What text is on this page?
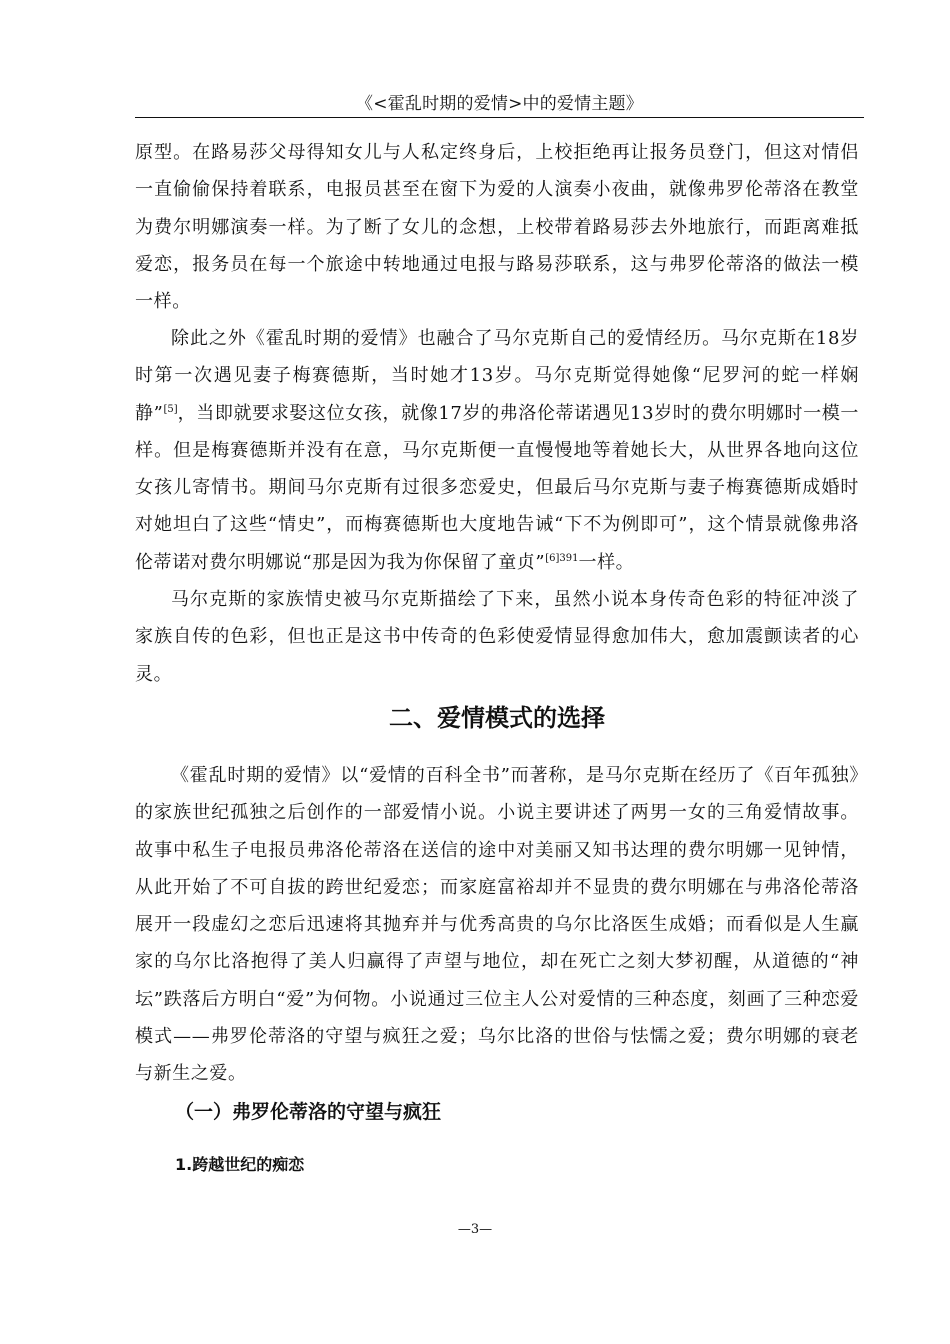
《<霍乱时期的爱情>中的爱情主题》

原型。在路易莎父母得知女儿与人私定终身后，上校拒绝再让报务员登门，但这对情侣一直偷偷保持着联系，电报员甚至在窗下为爱的人演奏小夜曲，就像弗罗伦蒂洛在教堂为费尔明娜演奏一样。为了断了女儿的念想，上校带着路易莎去外地旅行，而距离难抵爱恋，报务员在每一个旅途中转地通过电报与路易莎联系，这与弗罗伦蒂洛的做法一模一样。

除此之外《霍乱时期的爱情》也融合了马尔克斯自己的爱情经历。马尔克斯在18岁时第一次遇见妻子梅赛德斯，当时她才13岁。马尔克斯觉得她像“尼罗河的蛇一样娴静”[5]，当即就要求娶这位女孩，就像17岁的弗洛伦蒂诺遇见13岁时的费尔明娜时一模一样。但是梅赛德斯并没有在意，马尔克斯便一直慢慢地等着她长大，从世界各地向这位女孩儿寄情书。期间马尔克斯有过很多恋爱史，但最后马尔克斯与妻子梅赛德斯成婚时对她坦白了这些“情史”，而梅赛德斯也大度地告诫“下不为例即可”，这个情景就像弗洛伦蒂诺对费尔明娜说“那是因为我为你保留了童贞”$^{[6]391}$一样。

马尔克斯的家族情史被马尔克斯描绘了下来，虽然小说本身传奇色彩的特征冲淡了家族自传的色彩，但也正是这书中传奇的色彩使爱情显得愈加伟大，愈加震颤读者的心灵。

二、爱情模式的选择

《霍乱时期的爱情》以“爱情的百科全书”而著称，是马尔克斯在经历了《百年孤独》的家族世纪孤独之后创作的一部爱情小说。小说主要讲述了两男一女的三角爱情故事。故事中私生子电报员弗洛伦蒂洛在送信的途中对美丽又知书达理的费尔明娜一见钟情，从此开始了不可自拔的跨世纪爱恋；而家庭富裕却并不显贵的费尔明娜在与弗洛伦蒂洛展开一段虚幻之恋后迅速将其抛弃并与优秀高贵的乌尔比洛医生成婚；而看似是人生赢家的乌尔比洛抱得了美人归赢得了声望与地位，却在死亡之刻大梦初醒，从道德的“神坛”跌落后方明白“爱”为何物。小说通过三位主人公对爱情的三种态度，刻画了三种恋爱模式——弗罗伦蒂洛的守望与疯狂之爱；乌尔比洛的世俗与怯懦之爱；费尔明娜的衰老与新生之爱。

（一）弗罗伦蒂洛的守望与疯狂
1.跨越世纪的痴恋
—3—
